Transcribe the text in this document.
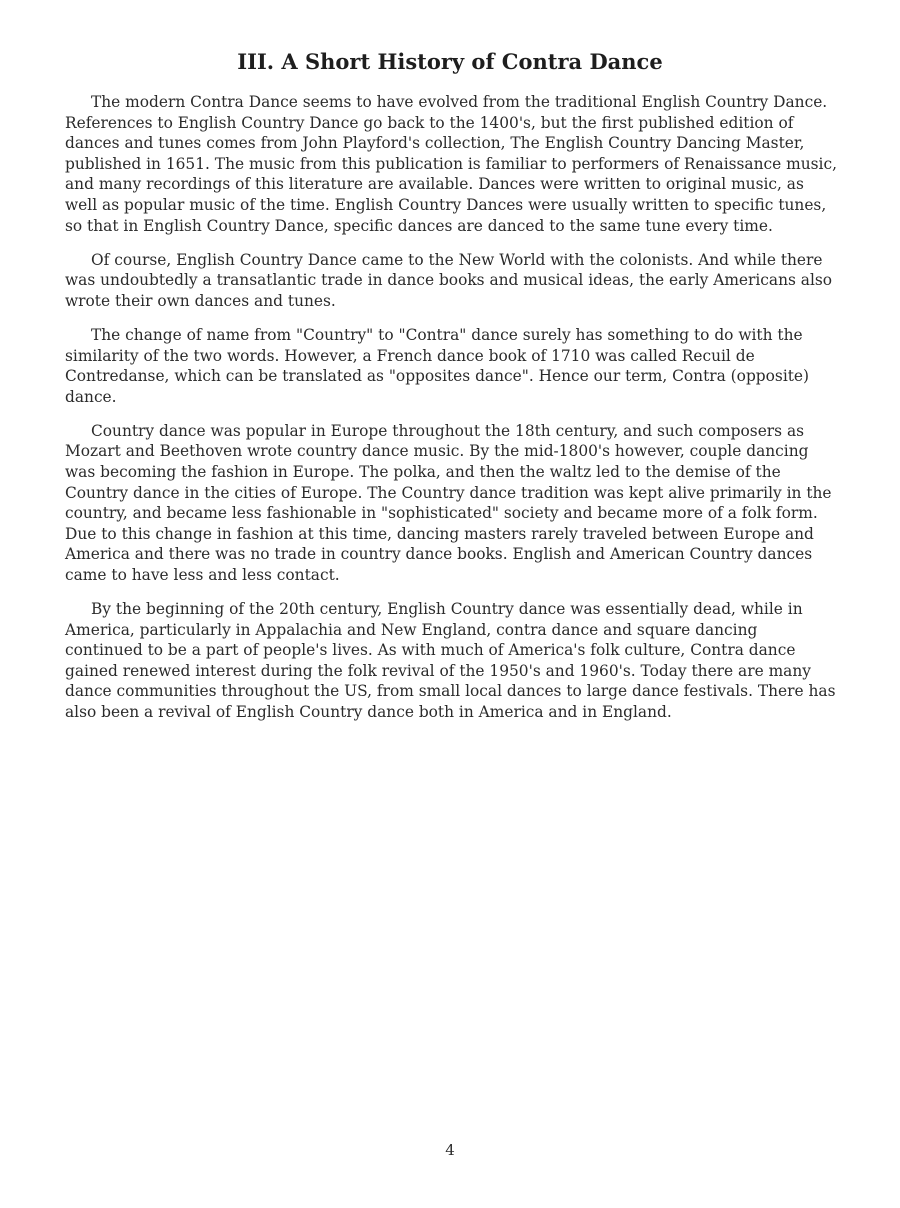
III. A Short History of Contra Dance

The modern Contra Dance seems to have evolved from the traditional English Country Dance. References to English Country Dance go back to the 1400's, but the first published edition of dances and tunes comes from John Playford's collection, The English Country Dancing Master, published in 1651. The music from this publication is familiar to performers of Renaissance music, and many recordings of this literature are available. Dances were written to original music, as well as popular music of the time. English Country Dances were usually written to specific tunes, so that in English Country Dance, specific dances are danced to the same tune every time.

Of course, English Country Dance came to the New World with the colonists. And while there was undoubtedly a transatlantic trade in dance books and musical ideas, the early Americans also wrote their own dances and tunes.

The change of name from "Country" to "Contra" dance surely has something to do with the similarity of the two words. However, a French dance book of 1710 was called Recuil de Contredanse, which can be translated as "opposites dance". Hence our term, Contra (opposite) dance.

Country dance was popular in Europe throughout the 18th century, and such composers as Mozart and Beethoven wrote country dance music. By the mid-1800's however, couple dancing was becoming the fashion in Europe. The polka, and then the waltz led to the demise of the Country dance in the cities of Europe. The Country dance tradition was kept alive primarily in the country, and became less fashionable in "sophisticated" society and became more of a folk form. Due to this change in fashion at this time, dancing masters rarely traveled between Europe and America and there was no trade in country dance books. English and American Country dances came to have less and less contact.

By the beginning of the 20th century, English Country dance was essentially dead, while in America, particularly in Appalachia and New England, contra dance and square dancing continued to be a part of people's lives. As with much of America's folk culture, Contra dance gained renewed interest during the folk revival of the 1950's and 1960's. Today there are many dance communities throughout the US, from small local dances to large dance festivals. There has also been a revival of English Country dance both in America and in England.

4
